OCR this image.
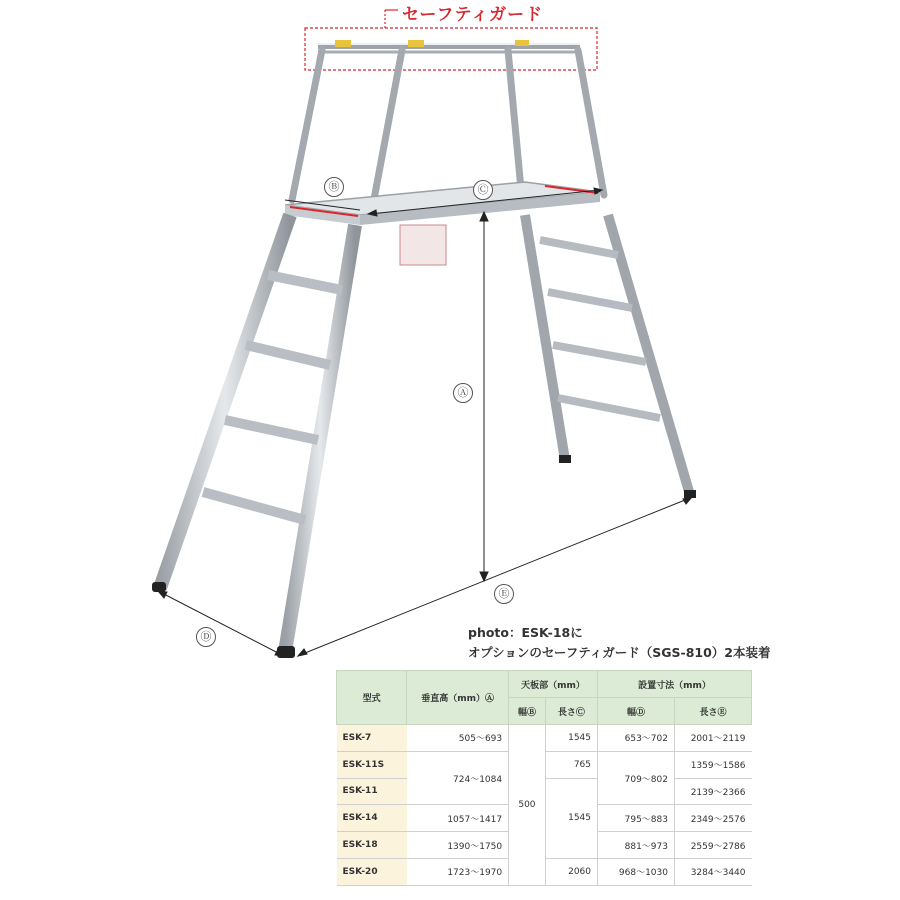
セーフティガード
Ⓑ	Ⓒ
Ⓐ
Ⓔ
Ⓓ	photo：ESK-18に
オプションのセーフティガード（SGS-810）2本装着
型式	垂直高（mm）Ⓐ	天板部（mm）		設置寸法（mm）	
		幅Ⓑ	長さⒸ	幅Ⓓ	長さⒺ
ESK-7	505～693	500	1545	653～702	2001～2119
ESK-11S	724～1084		765	709～802	1359～1586
ESK-11			1545		2139～2366
ESK-14	1057～1417			795～883	2349～2576
ESK-18	1390～1750			881～973	2559～2786
ESK-20	1723～1970		2060	968～1030	3284～3440
